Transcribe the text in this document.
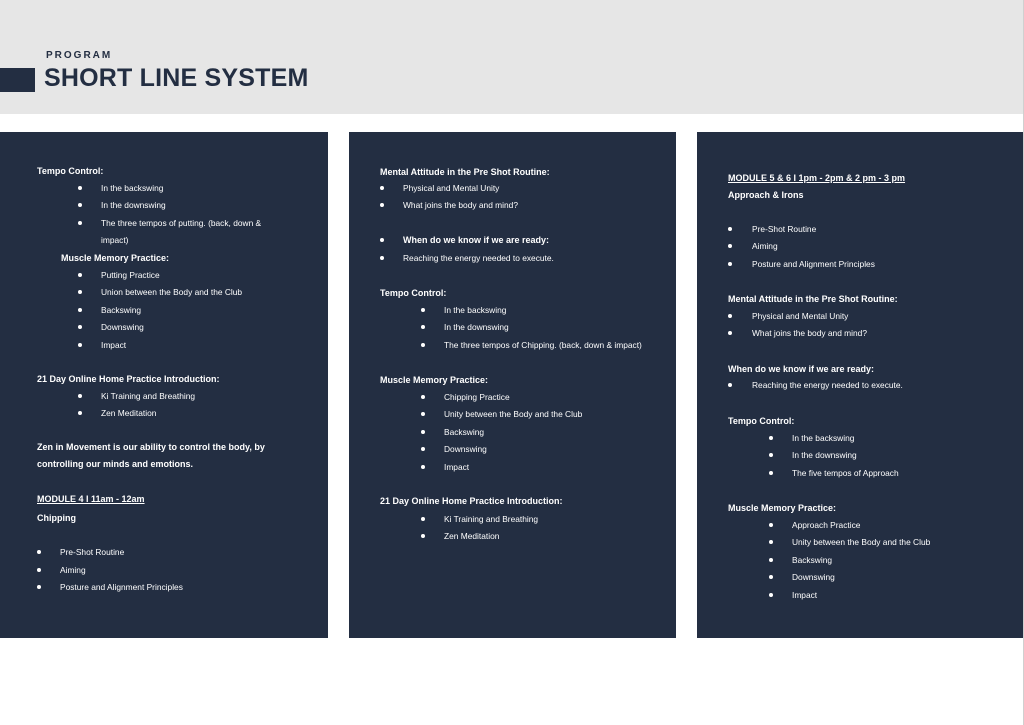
PROGRAM
SHORT LINE SYSTEM
Tempo Control:
In the backswing
In the downswing
The three tempos of putting. (back, down &
impact)
Muscle Memory Practice:
Putting Practice
Union between the Body and the Club
Backswing
Downswing
Impact
21 Day Online Home Practice Introduction:
Ki Training and Breathing
Zen Meditation
Zen in Movement is our ability to control the body, by
controlling our minds and emotions.
MODULE 4 I 11am - 12am
Chipping
Pre-Shot Routine
Aiming
Posture and Alignment Principles
Mental Attitude in the Pre Shot Routine:
Physical and Mental Unity
What joins the body and mind?
When do we know if we are ready:
Reaching the energy needed to execute.
Tempo Control:
In the backswing
In the downswing
The three tempos of Chipping. (back, down & impact)
Muscle Memory Practice:
Chipping Practice
Unity between the Body and the Club
Backswing
Downswing
Impact
21 Day Online Home Practice Introduction:
Ki Training and Breathing
Zen Meditation
MODULE 5 & 6 I 1pm - 2pm & 2 pm - 3 pm
Approach & Irons
Pre-Shot Routine
Aiming
Posture and Alignment Principles
Mental Attitude in the Pre Shot Routine:
Physical and Mental Unity
What joins the body and mind?
When do we know if we are ready:
Reaching the energy needed to execute.
Tempo Control:
In the backswing
In the downswing
The five tempos of Approach
Muscle Memory Practice:
Approach Practice
Unity between the Body and the Club
Backswing
Downswing
Impact
